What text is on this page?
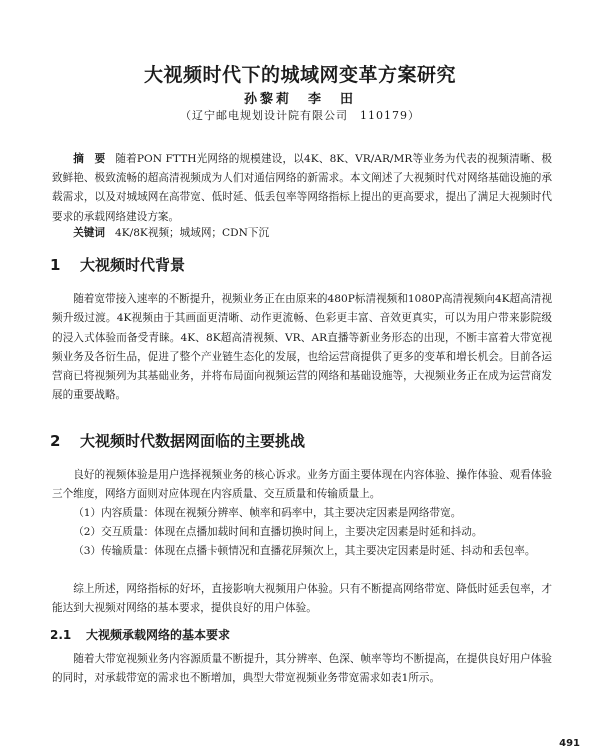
大视频时代下的城域网变革方案研究
孙黎莉　李　田
（辽宁邮电规划设计院有限公司　110179）
摘　要 随着PON FTTH光网络的规模建设，以4K、8K、VR/AR/MR等业务为代表的视频清晰、极致鲜艳、极致流畅的超高清视频成为人们对通信网络的新需求。本文阐述了大视频时代对网络基础设施的承载需求，以及对城域网在高带宽、低时延、低丢包率等网络指标上提出的更高要求，提出了满足大视频时代要求的承载网络建设方案。
关键词 4K/8K视频；城域网；CDN下沉
1 大视频时代背景

随着宽带接入速率的不断提升，视频业务正在由原来的480P标清视频和1080P高清视频向4K超高清视频升级过渡。4K视频由于其画面更清晰、动作更流畅、色彩更丰富、音效更真实，可以为用户带来影院级的浸入式体验而备受青睐。4K、8K超高清视频、VR、AR直播等新业务形态的出现，不断丰富着大带宽视频业务及各衍生品，促进了整个产业链生态化的发展，也给运营商提供了更多的变革和增长机会。目前各运营商已将视频列为其基础业务，并将布局面向视频运营的网络和基础设施等，大视频业务正在成为运营商发展的重要战略。

2 大视频时代数据网面临的主要挑战

良好的视频体验是用户选择视频业务的核心诉求。业务方面主要体现在内容体验、操作体验、观看体验三个维度，网络方面则对应体现在内容质量、交互质量和传输质量上。

（1）内容质量：体现在视频分辨率、帧率和码率中，其主要决定因素是网络带宽。

（2）交互质量：体现在点播加载时间和直播切换时间上，主要决定因素是时延和抖动。

（3）传输质量：体现在点播卡顿情况和直播花屏频次上，其主要决定因素是时延、抖动和丢包率。

综上所述，网络指标的好坏，直接影响大视频用户体验。只有不断提高网络带宽、降低时延丢包率，才能达到大视频对网络的基本要求，提供良好的用户体验。

2.1 大视频承载网络的基本要求

随着大带宽视频业务内容源质量不断提升，其分辨率、色深、帧率等均不断提高，在提供良好用户体验的同时，对承载带宽的需求也不断增加，典型大带宽视频业务带宽需求如表1所示。

491
